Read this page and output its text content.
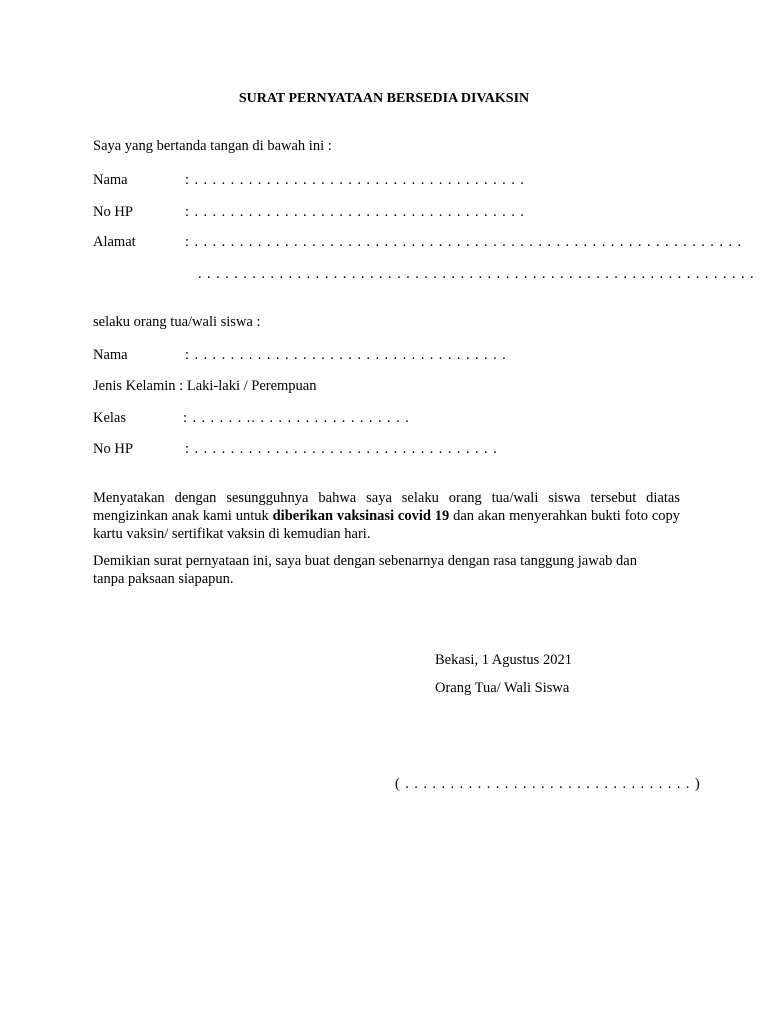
SURAT PERNYATAAN BERSEDIA DIVAKSIN
Saya yang bertanda tangan di bawah ini :
Nama	: . . . . . . . . . . . . . . . . . . . . . . . . . . . . . . . . . . . . .
No HP	: . . . . . . . . . . . . . . . . . . . . . . . . . . . . . . . . . . . . .
Alamat	: . . . . . . . . . . . . . . . . . . . . . . . . . . . . . . . . . . . . . . . . . . . . . . . . . . . . . . . . . . . . .
. . . . . . . . . . . . . . . . . . . . . . . . . . . . . . . . . . . . . . . . . . . . . . . . . . . . . . . . . . . . . .
selaku orang tua/wali siswa :
Nama	: . . . . . . . . . . . . . . . . . . . . . . . . . . . . . . . . . . .
Jenis Kelamin : Laki-laki / Perempuan
Kelas	: . . . . . . .. . . . . . . . . . . . . . . . . .
No HP	: . . . . . . . . . . . . . . . . . . . . . . . . . . . . . . . . . .
Menyatakan dengan sesungguhnya bahwa saya selaku orang tua/wali siswa tersebut diatas mengizinkan anak kami untuk diberikan vaksinasi covid 19 dan akan menyerahkan bukti foto copy kartu vaksin/ sertifikat vaksin di kemudian hari.
Demikian surat pernyataan ini, saya buat dengan sebenarnya dengan rasa tanggung jawab dan tanpa paksaan siapapun.
Bekasi, 1 Agustus 2021
Orang Tua/ Wali Siswa
( . . . . . . . . . . . . . . . . . . . . . . . . . . . . . . . . )
